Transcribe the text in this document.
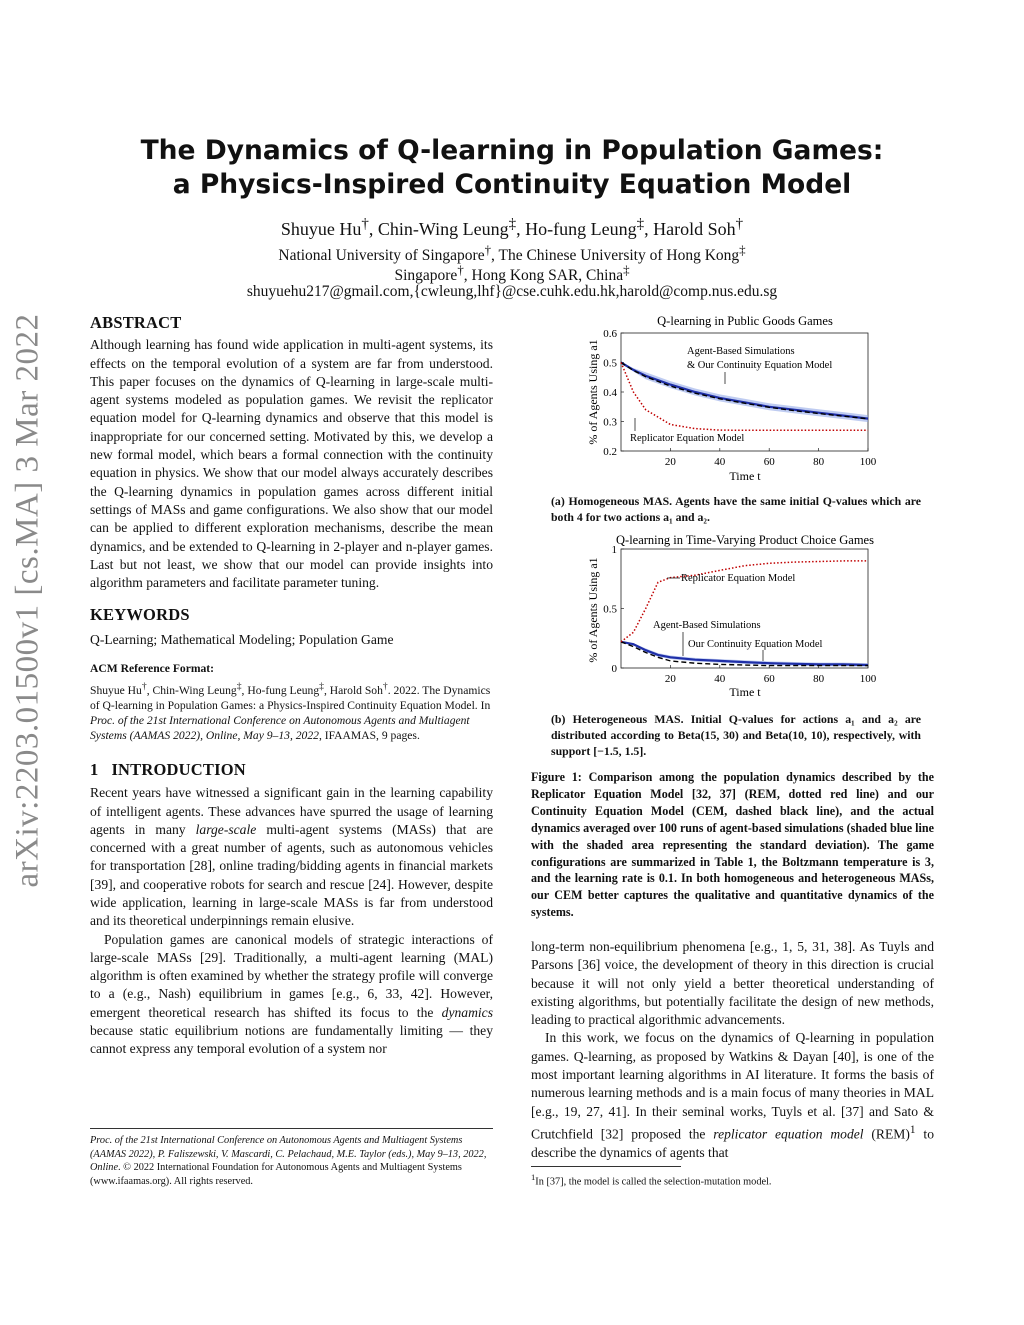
arXiv:2203.01500v1 [cs.MA] 3 Mar 2022
The Dynamics of Q-learning in Population Games:
a Physics-Inspired Continuity Equation Model
Shuyue Hu†, Chin-Wing Leung‡, Ho-fung Leung‡, Harold Soh†
National University of Singapore†, The Chinese University of Hong Kong‡
Singapore†, Hong Kong SAR, China‡
shuyuehu217@gmail.com,{cwleung,lhf}@cse.cuhk.edu.hk,harold@comp.nus.edu.sg
ABSTRACT

Although learning has found wide application in multi-agent systems, its effects on the temporal evolution of a system are far from understood. This paper focuses on the dynamics of Q-learning in large-scale multi-agent systems modeled as population games. We revisit the replicator equation model for Q-learning dynamics and observe that this model is inappropriate for our concerned setting. Motivated by this, we develop a new formal model, which bears a formal connection with the continuity equation in physics. We show that our model always accurately describes the Q-learning dynamics in population games across different initial settings of MASs and game configurations. We also show that our model can be applied to different exploration mechanisms, describe the mean dynamics, and be extended to Q-learning in 2-player and n-player games. Last but not least, we show that our model can provide insights into algorithm parameters and facilitate parameter tuning.

KEYWORDS

Q-Learning; Mathematical Modeling; Population Game

ACM Reference Format:
Shuyue Hu†, Chin-Wing Leung‡, Ho-fung Leung‡, Harold Soh†. 2022. The Dynamics of Q-learning in Population Games: a Physics-Inspired Continuity Equation Model. In Proc. of the 21st International Conference on Autonomous Agents and Multiagent Systems (AAMAS 2022), Online, May 9–13, 2022, IFAAMAS, 9 pages.
1 INTRODUCTION

Recent years have witnessed a significant gain in the learning capability of intelligent agents. These advances have spurred the usage of learning agents in many large-scale multi-agent systems (MASs) that are concerned with a great number of agents, such as autonomous vehicles for transportation [28], online trading/bidding agents in financial markets [39], and cooperative robots for search and rescue [24]. However, despite wide application, learning in large-scale MASs is far from understood and its theoretical underpinnings remain elusive.

Population games are canonical models of strategic interactions of large-scale MASs [29]. Traditionally, a multi-agent learning (MAL) algorithm is often examined by whether the strategy profile will converge to a (e.g., Nash) equilibrium in games [e.g., 6, 33, 42]. However, emergent theoretical research has shifted its focus to the dynamics because static equilibrium notions are fundamentally limiting — they cannot express any temporal evolution of a system nor

Proc. of the 21st International Conference on Autonomous Agents and Multiagent Systems (AAMAS 2022), P. Faliszewski, V. Mascardi, C. Pelachaud, M.E. Taylor (eds.), May 9–13, 2022, Online. © 2022 International Foundation for Autonomous Agents and Multiagent Systems (www.ifaamas.org). All rights reserved.
Q-learning in Public Goods Games
0.2
0.3
0.4
0.5
0.6
20	40	60	80	100
Agent-Based Simulations
& Our Continuity Equation Model
Replicator Equation Model
Time t
% of Agents Using a1
(a) Homogeneous MAS. Agents have the same initial Q-values which are both 4 for two actions a₁ and a₂.
Q-learning in Time-Varying Product Choice Games
0
0.5
1
20	40	60	80	100
Replicator Equation Model
Agent-Based Simulations
Our Continuity Equation Model
Time t
% of Agents Using a1
(b) Heterogeneous MAS. Initial Q-values for actions a₁ and a₂ are distributed according to Beta(15, 30) and Beta(10, 10), respectively, with support [−1.5, 1.5].
Figure 1: Comparison among the population dynamics described by the Replicator Equation Model [32, 37] (REM, dotted red line) and our Continuity Equation Model (CEM, dashed black line), and the actual dynamics averaged over 100 runs of agent-based simulations (shaded blue line with the shaded area representing the standard deviation). The game configurations are summarized in Table 1, the Boltzmann temperature is 3, and the learning rate is 0.1. In both homogeneous and heterogeneous MASs, our CEM better captures the qualitative and quantitative dynamics of the systems.

long-term non-equilibrium phenomena [e.g., 1, 5, 31, 38]. As Tuyls and Parsons [36] voice, the development of theory in this direction is crucial because it will not only yield a better theoretical understanding of existing algorithms, but potentially facilitate the design of new methods, leading to practical algorithmic advancements.

In this work, we focus on the dynamics of Q-learning in population games. Q-learning, as proposed by Watkins & Dayan [40], is one of the most important learning algorithms in AI literature. It forms the basis of numerous learning methods and is a main focus of many theories in MAL [e.g., 19, 27, 41]. In their seminal works, Tuyls et al. [37] and Sato & Crutchfield [32] proposed the replicator equation model (REM)$^1$ to describe the dynamics of agents that

$^1$In [37], the model is called the selection-mutation model.
